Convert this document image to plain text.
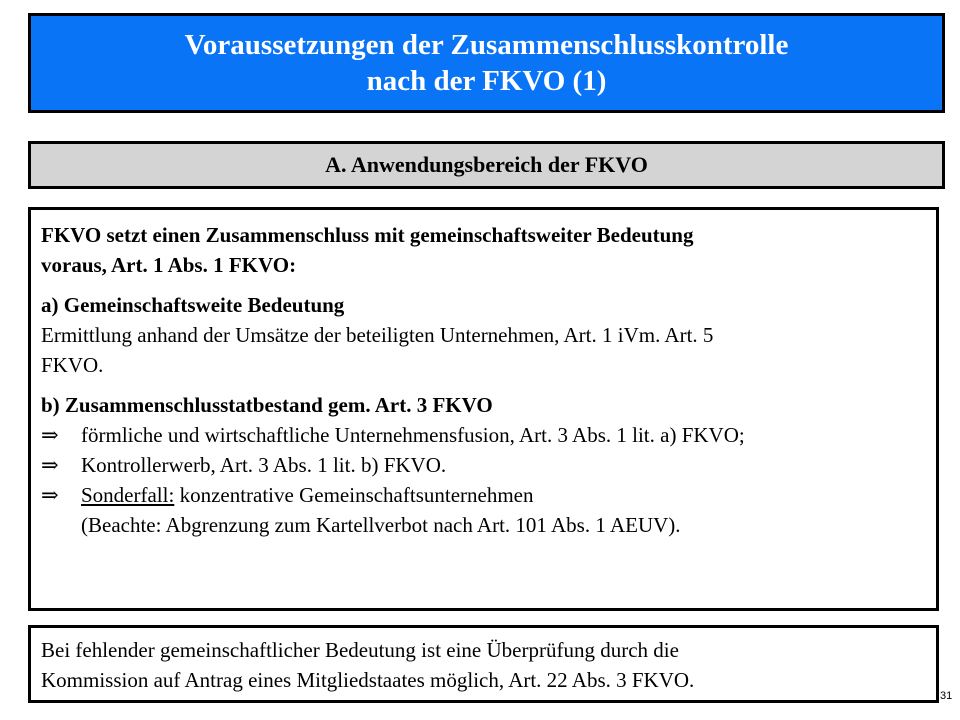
Voraussetzungen der Zusammenschlusskontrolle
nach der FKVO (1)
A. Anwendungsbereich der FKVO

FKVO setzt einen Zusammenschluss mit gemeinschaftsweiter Bedeutung

voraus, Art. 1 Abs. 1 FKVO:

a) Gemeinschaftsweite Bedeutung

Ermittlung anhand der Umsätze der beteiligten Unternehmen, Art. 1 iVm. Art. 5

FKVO.

b) Zusammenschlusstatbestand gem. Art. 3 FKVO

⇒	förmliche und wirtschaftliche Unternehmensfusion, Art. 3 Abs. 1 lit. a) FKVO;
⇒	Kontrollerwerb, Art. 3 Abs. 1 lit. b) FKVO.
⇒	Sonderfall: konzentrative Gemeinschaftsunternehmen

(Beachte: Abgrenzung zum Kartellverbot nach Art. 101 Abs. 1 AEUV).

Bei fehlender gemeinschaftlicher Bedeutung ist eine Überprüfung durch die

Kommission auf Antrag eines Mitgliedstaates möglich, Art. 22 Abs. 3 FKVO.

31
